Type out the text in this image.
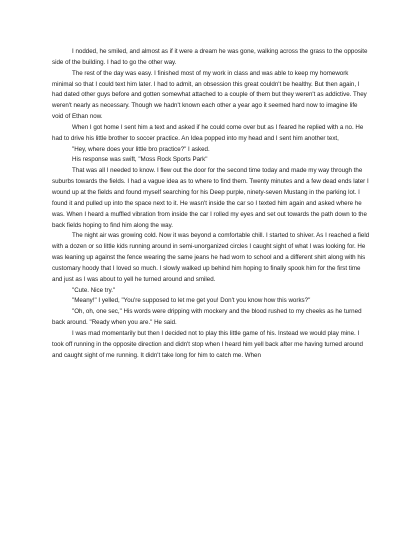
I nodded, he smiled, and almost as if it were a dream he was gone, walking across the grass to the opposite side of the building. I had to go the other way.

The rest of the day was easy. I finished most of my work in class and was able to keep my homework minimal so that I could text him later. I had to admit, an obsession this great couldn't be healthy. But then again, I had dated other guys before and gotten somewhat attached to a couple of them but they weren't as addictive. They weren't nearly as necessary. Though we hadn't known each other a year ago it seemed hard now to imagine life void of Ethan now.

When I got home I sent him a text and asked if he could come over but as I feared he replied with a no. He had to drive his little brother to soccer practice. An Idea popped into my head and I sent him another text,

"Hey, where does your little bro practice?" I asked.

His response was swift, "Moss Rock Sports Park"

That was all I needed to know. I flew out the door for the second time today and made my way through the suburbs towards the fields. I had a vague idea as to where to find them. Twenty minutes and a few dead ends later I wound up at the fields and found myself searching for his Deep purple, ninety-seven Mustang in the parking lot. I found it and pulled up into the space next to it. He wasn't inside the car so I texted him again and asked where he was. When I heard a muffled vibration from inside the car I rolled my eyes and set out towards the path down to the back fields hoping to find him along the way.

The night air was growing cold. Now it was beyond a comfortable chill. I started to shiver. As I reached a field with a dozen or so little kids running around in semi-unorganized circles I caught sight of what I was looking for. He was leaning up against the fence wearing the same jeans he had worn to school and a different shirt along with his customary hoody that I loved so much. I slowly walked up behind him hoping to finally spook him for the first time and just as I was about to yell he turned around and smiled.

"Cute. Nice try."

"Meany!" I yelled, "You're supposed to let me get you! Don't you know how this works?"

"Oh, oh, one sec," His words were dripping with mockery and the blood rushed to my cheeks as he turned back around. "Ready when you are." He said.

I was mad momentarily but then I decided not to play this little game of his. Instead we would play mine. I took off running in the opposite direction and didn't stop when I heard him yell back after me having turned around and caught sight of me running. It didn't take long for him to catch me. When
